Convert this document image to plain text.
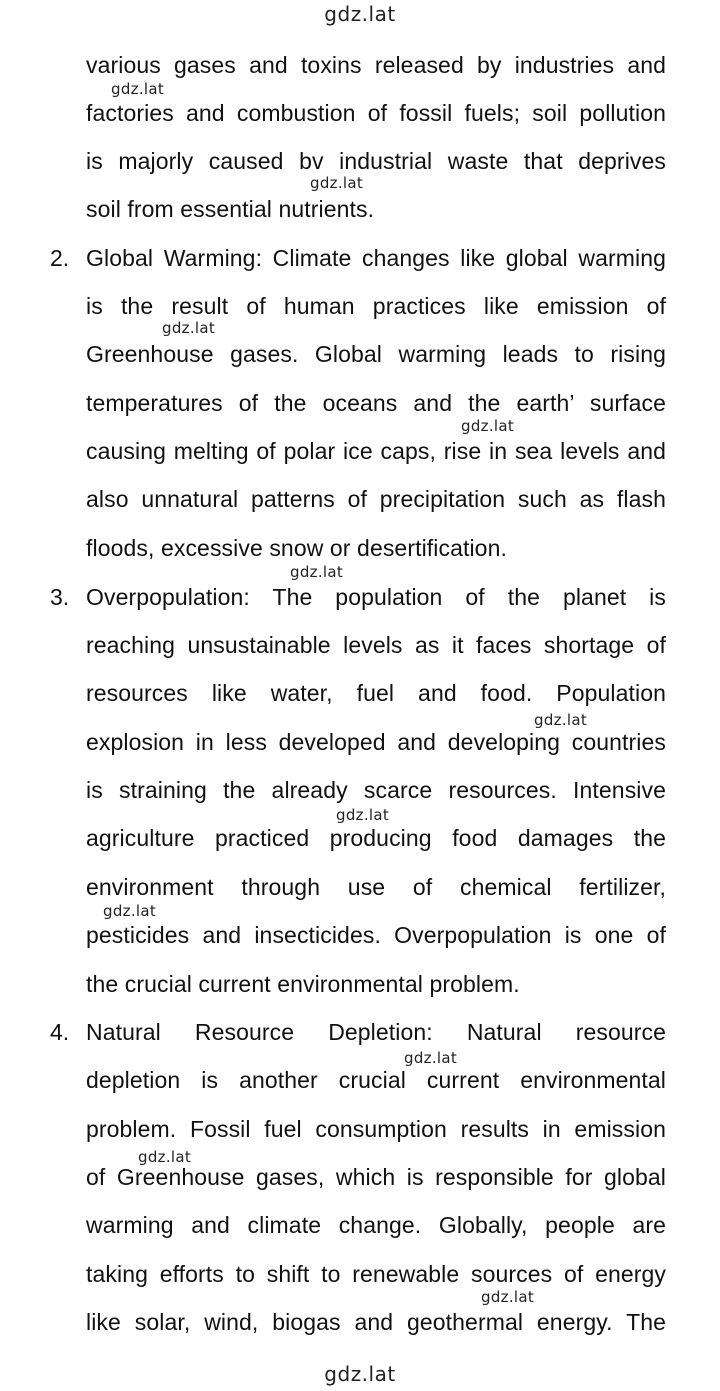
gdz.lat
various gases and toxins released by industries and
factories and combustion of fossil fuels; soil pollution
is majorly caused bv industrial waste that deprives
soil from essential nutrients.
2. Global Warming: Climate changes like global warming
is the result of human practices like emission of
Greenhouse gases. Global warming leads to rising
temperatures of the oceans and the earth’ surface
causing melting of polar ice caps, rise in sea levels and
also unnatural patterns of precipitation such as flash
floods, excessive snow or desertification.
3. Overpopulation: The population of the planet is
reaching unsustainable levels as it faces shortage of
resources like water, fuel and food. Population
explosion in less developed and developing countries
is straining the already scarce resources. Intensive
agriculture practiced producing food damages the
environment through use of chemical fertilizer,
pesticides and insecticides. Overpopulation is one of
the crucial current environmental problem.
4. Natural Resource Depletion: Natural resource
depletion is another crucial current environmental
problem. Fossil fuel consumption results in emission
of Greenhouse gases, which is responsible for global
warming and climate change. Globally, people are
taking efforts to shift to renewable sources of energy
like solar, wind, biogas and geothermal energy. The
gdz.lat
gdz.lat
gdz.lat
gdz.lat
gdz.lat
gdz.lat
gdz.lat
gdz.lat
gdz.lat
gdz.lat
gdz.lat
gdz.lat
